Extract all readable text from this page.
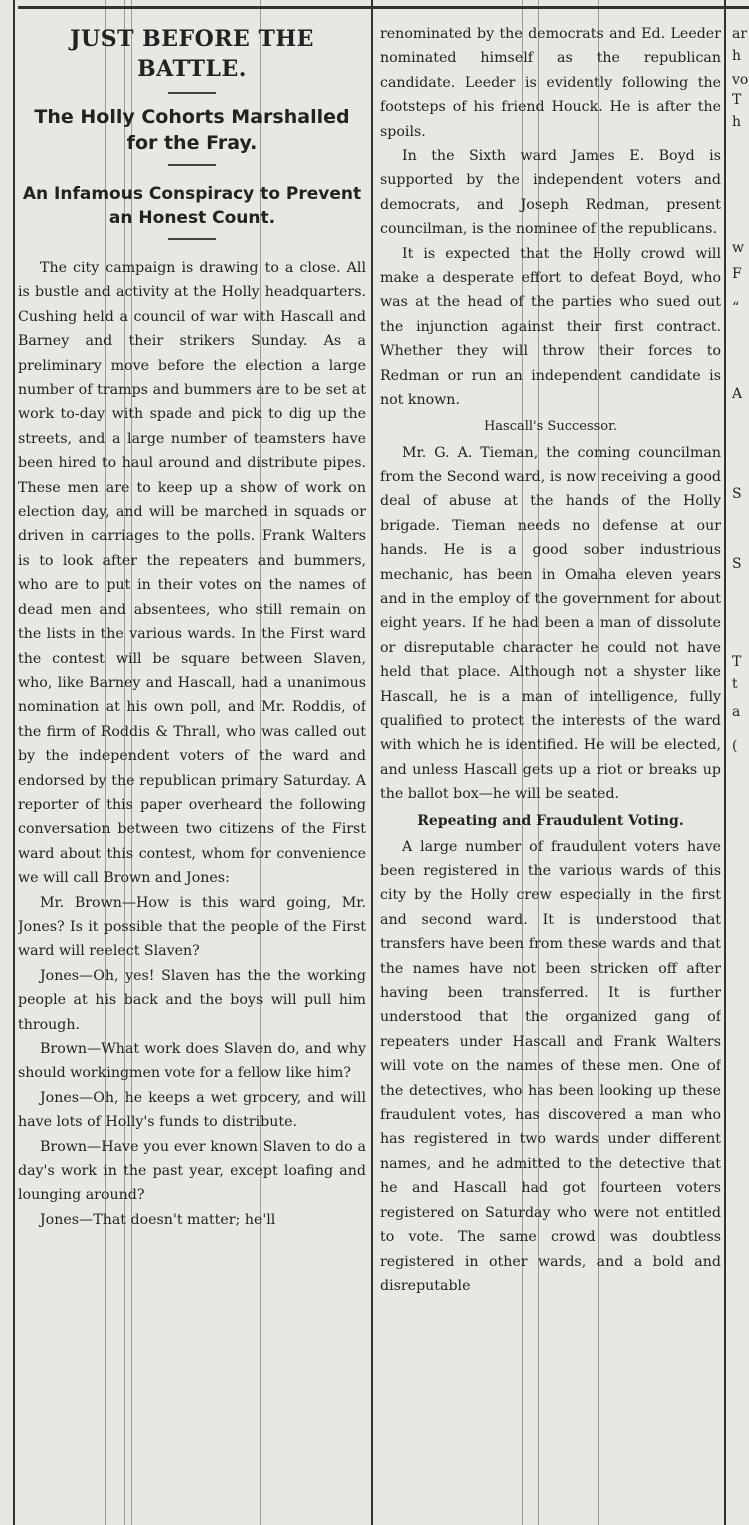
JUST BEFORE THE BATTLE.
The Holly Cohorts Marshalled for the Fray.
An Infamous Conspiracy to Prevent an Honest Count.

The city campaign is drawing to a close. All is bustle and activity at the Holly headquarters. Cushing held a council of war with Hascall and Barney and their strikers Sunday. As a preliminary move before the election a large number of tramps and bummers are to be set at work to-day with spade and pick to dig up the streets, and a large number of teamsters have been hired to haul around and distribute pipes. These men are to keep up a show of work on election day, and will be marched in squads or driven in carriages to the polls. Frank Walters is to look after the repeaters and bummers, who are to put in their votes on the names of dead men and absentees, who still remain on the lists in the various wards. In the First ward the contest will be square between Slaven, who, like Barney and Hascall, had a unanimous nomination at his own poll, and Mr. Roddis, of the firm of Roddis & Thrall, who was called out by the independent voters of the ward and endorsed by the republican primary Saturday. A reporter of this paper overheard the following conversation between two citizens of the First ward about this contest, whom for convenience we will call Brown and Jones:

Mr. Brown—How is this ward going, Mr. Jones? Is it possible that the people of the First ward will reelect Slaven?

Jones—Oh, yes! Slaven has the the working people at his back and the boys will pull him through.

Brown—What work does Slaven do, and why should workingmen vote for a fellow like him?

Jones—Oh, he keeps a wet grocery, and will have lots of Holly's funds to distribute.

Brown—Have you ever known Slaven to do a day's work in the past year, except loafing and lounging around?

Jones—That doesn't matter; he'll

renominated by the democrats and Ed. Leeder nominated himself as the republican candidate. Leeder is evidently following the footsteps of his friend Houck. He is after the spoils.

In the Sixth ward James E. Boyd is supported by the independent voters and democrats, and Joseph Redman, present councilman, is the nominee of the republicans.

It is expected that the Holly crowd will make a desperate effort to defeat Boyd, who was at the head of the parties who sued out the injunction against their first contract. Whether they will throw their forces to Redman or run an independent candidate is not known.

Hascall's Successor.

Mr. G. A. Tieman, the coming councilman from the Second ward, is now receiving a good deal of abuse at the hands of the Holly brigade. Tieman needs no defense at our hands. He is a good sober industrious mechanic, has been in Omaha eleven years and in the employ of the government for about eight years. If he had been a man of dissolute or disreputable character he could not have held that place. Although not a shyster like Hascall, he is a man of intelligence, fully qualified to protect the interests of the ward with which he is identified. He will be elected, and unless Hascall gets up a riot or breaks up the ballot box—he will be seated.

Repeating and Fraudulent Voting.

A large number of fraudulent voters have been registered in the various wards of this city by the Holly crew especially in the first and second ward. It is understood that transfers have been from these wards and that the names have not been stricken off after having been transferred. It is further understood that the organized gang of repeaters under Hascall and Frank Walters will vote on the names of these men. One of the detectives, who has been looking up these fraudulent votes, has discovered a man who has registered in two wards under different names, and he admitted to the detective that he and Hascall had got fourteen voters registered on Saturday who were not entitled to vote. The same crowd was doubtless registered in other wards, and a bold and disreputable

ar
h
vo
T
h
w
F
“
A
S
S
T
t
a
(
